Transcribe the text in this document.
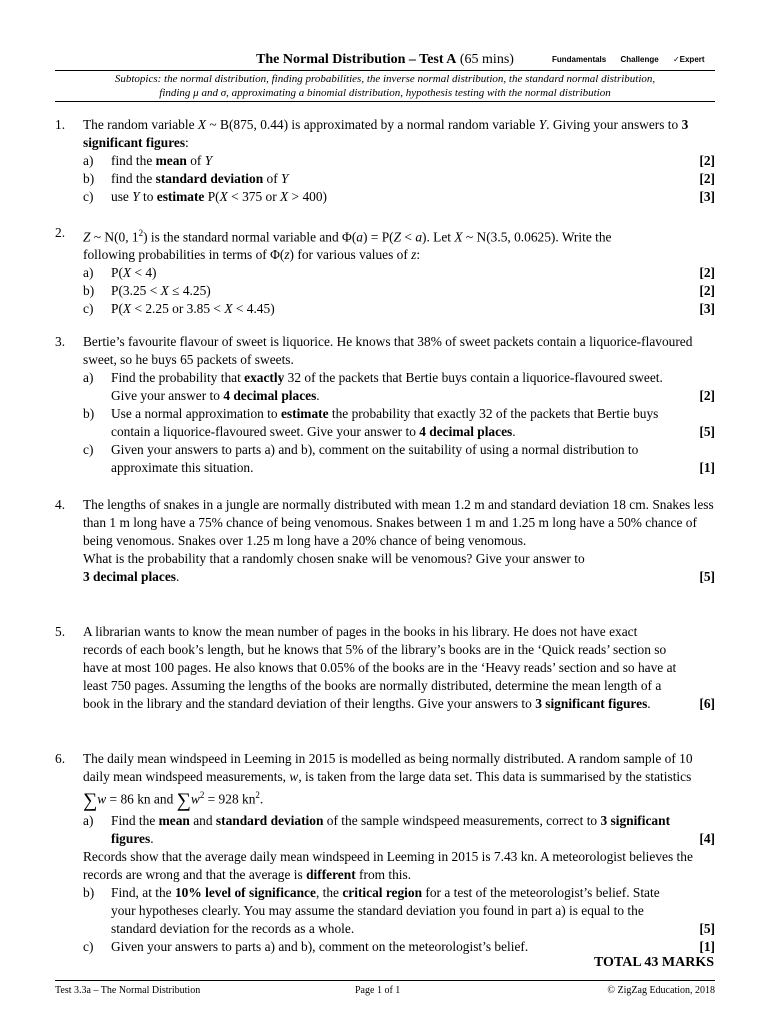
The Normal Distribution – Test A (65 mins)	Fundamentals Challenge ✓Expert
Subtopics: the normal distribution, finding probabilities, the inverse normal distribution, the standard normal distribution,
finding μ and σ, approximating a binomial distribution, hypothesis testing with the normal distribution
1.	The random variable X ~ B(875, 0.44) is approximated by a normal random variable Y. Giving your answers to 3 significant figures:
a) find the mean of Y	[2]
b) find the standard deviation of Y	[2]
c) use Y to estimate P(X < 375 or X > 400)	[3]
2.	Z ~ N(0, $1^2$) is the standard normal variable and Φ(a) = P(Z < a). Let X ~ N(3.5, 0.0625). Write the
following probabilities in terms of Φ(z) for various values of z:
a) P(X < 4)	[2]
b) P(3.25 < X ≤ 4.25)	[2]
c) P(X < 2.25 or 3.85 < X < 4.45)	[3]
3.	Bertie’s favourite flavour of sweet is liquorice. He knows that 38% of sweet packets contain a liquorice-flavoured sweet, so he buys 65 packets of sweets.
a) Find the probability that exactly 32 of the packets that Bertie buys contain a liquorice-flavoured sweet. Give your answer to 4 decimal places.	[2]
b) Use a normal approximation to estimate the probability that exactly 32 of the packets that Bertie buys contain a liquorice-flavoured sweet. Give your answer to 4 decimal places.	[5]
c) Given your answers to parts a) and b), comment on the suitability of using a normal distribution to approximate this situation.	[1]
4.	The lengths of snakes in a jungle are normally distributed with mean 1.2 m and standard deviation 18 cm. Snakes less than 1 m long have a 75% chance of being venomous. Snakes between 1 m and 1.25 m long have a 50% chance of being venomous. Snakes over 1.25 m long have a 20% chance of being venomous.
What is the probability that a randomly chosen snake will be venomous? Give your answer to
3 decimal places.	[5]
5.	A librarian wants to know the mean number of pages in the books in his library. He does not have exact records of each book’s length, but he knows that 5% of the library’s books are in the ‘Quick reads’ section so have at most 100 pages. He also knows that 0.05% of the books are in the ‘Heavy reads’ section and so have at least 750 pages. Assuming the lengths of the books are normally distributed, determine the mean length of a book in the library and the standard deviation of their lengths. Give your answers to 3 significant figures.	[6]
6.	The daily mean windspeed in Leeming in 2015 is modelled as being normally distributed. A random sample of 10 daily mean windspeed measurements, w, is taken from the large data set. This data is summarised by the statistics ∑w = 86 kn and $\sum w^2 = 928$ $kn^2$.
a) Find the mean and standard deviation of the sample windspeed measurements, correct to 3 significant figures.	[4]
Records show that the average daily mean windspeed in Leeming in 2015 is 7.43 kn. A meteorologist believes the records are wrong and that the average is different from this.
b) Find, at the 10% level of significance, the critical region for a test of the meteorologist’s belief. State your hypotheses clearly. You may assume the standard deviation you found in part a) is equal to the standard deviation for the records as a whole.	[5]
c) Given your answers to parts a) and b), comment on the meteorologist’s belief.	[1]
TOTAL 43 MARKS
Test 3.3a – The Normal Distribution	Page 1 of 1	© ZigZag Education, 2018
